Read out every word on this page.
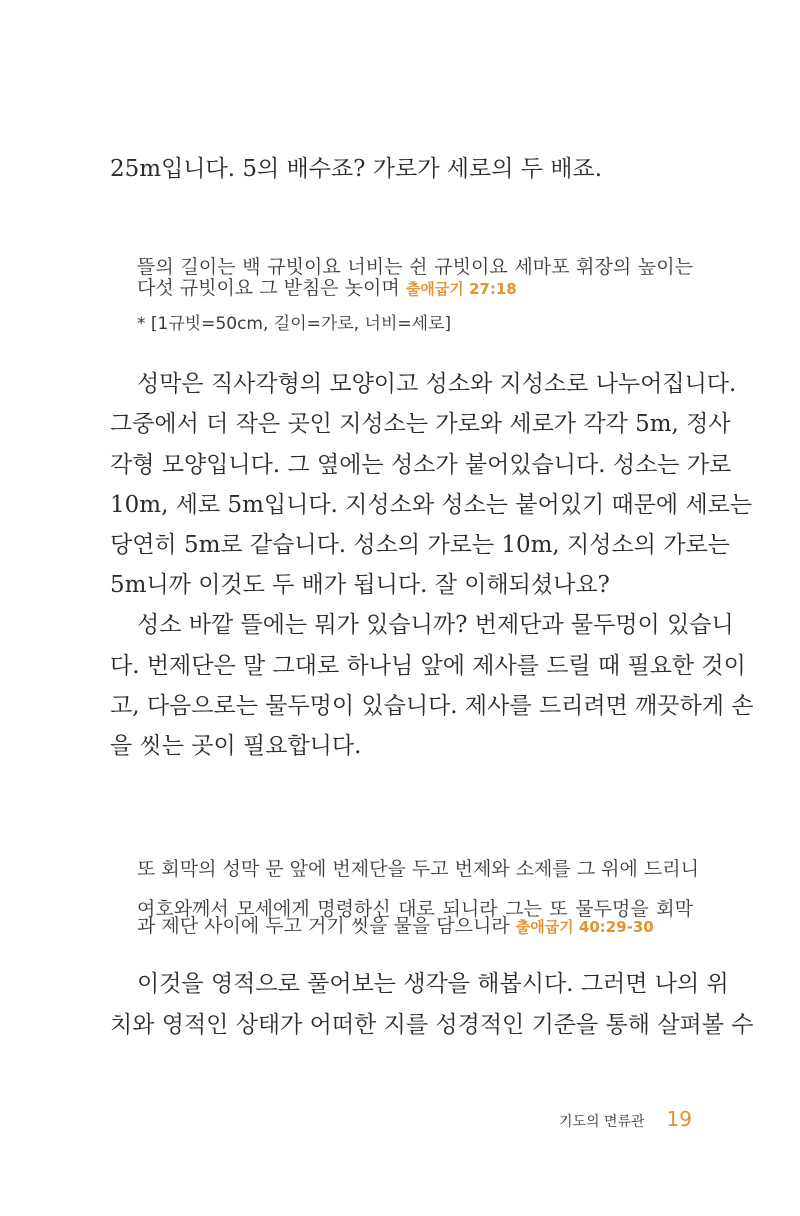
25m입니다. 5의 배수죠? 가로가 세로의 두 배죠.

뜰의 길이는 백 규빗이요 너비는 쉰 규빗이요 세마포 휘장의 높이는

다섯 규빗이요 그 받침은 놋이며 출애굽기 27:18

* [1규빗=50cm, 길이=가로, 너비=세로]

성막은 직사각형의 모양이고 성소와 지성소로 나누어집니다.
그중에서 더 작은 곳인 지성소는 가로와 세로가 각각 5m, 정사
각형 모양입니다. 그 옆에는 성소가 붙어있습니다. 성소는 가로
10m, 세로 5m입니다. 지성소와 성소는 붙어있기 때문에 세로는
당연히 5m로 같습니다. 성소의 가로는 10m, 지성소의 가로는
5m니까 이것도 두 배가 됩니다. 잘 이해되셨나요?
성소 바깥 뜰에는 뭐가 있습니까? 번제단과 물두멍이 있습니
다. 번제단은 말 그대로 하나님 앞에 제사를 드릴 때 필요한 것이
고, 다음으로는 물두멍이 있습니다. 제사를 드리려면 깨끗하게 손
을 씻는 곳이 필요합니다.

또 회막의 성막 문 앞에 번제단을 두고 번제와 소제를 그 위에 드리니

여호와께서 모세에게 명령하신 대로 되니라 그는 또 물두멍을 회막

과 제단 사이에 두고 거기 씻을 물을 담으니라 출애굽기 40:29-30

이것을 영적으로 풀어보는 생각을 해봅시다. 그러면 나의 위
치와 영적인 상태가 어떠한 지를 성경적인 기준을 통해 살펴볼 수
기도의 면류관 19
